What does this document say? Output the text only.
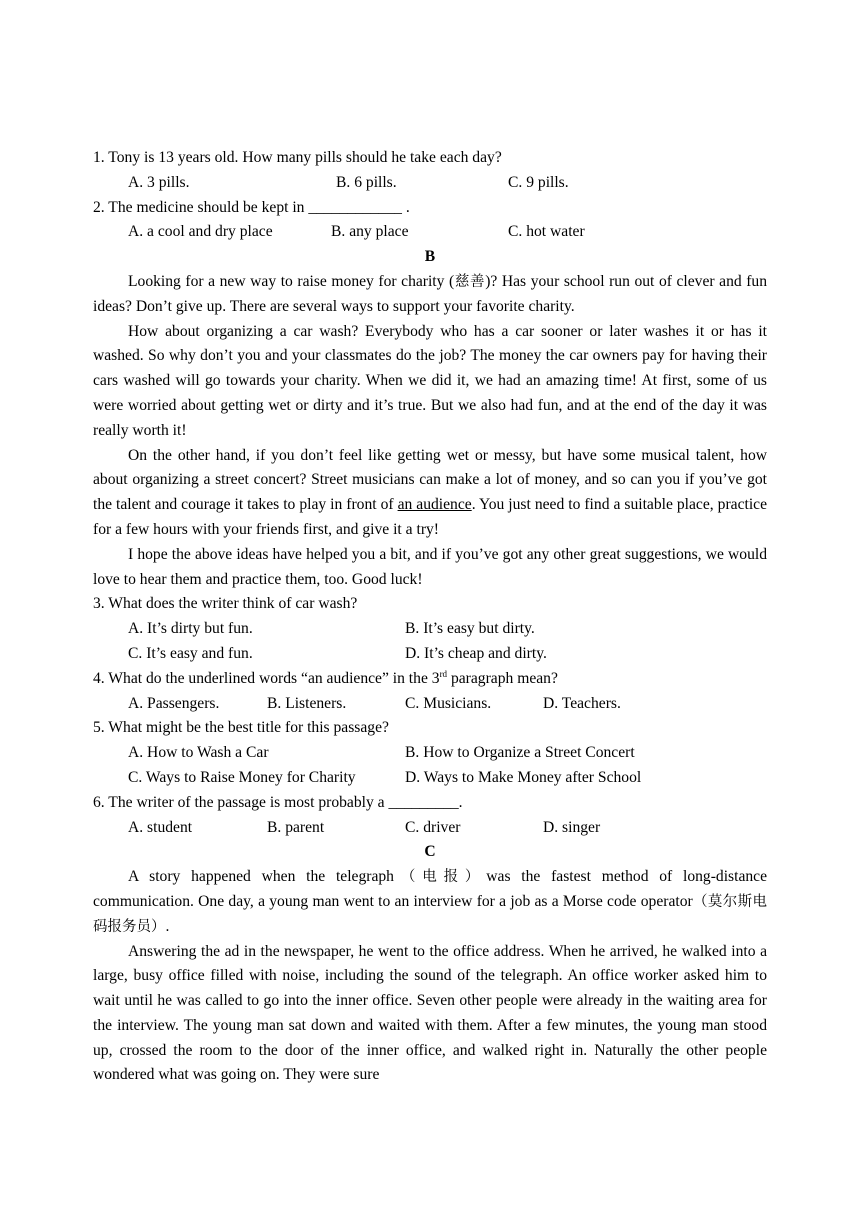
1. Tony is 13 years old. How many pills should he take each day?

A. 3 pills.	B. 6 pills.	C. 9 pills.

2. The medicine should be kept in ____________ .

A. a cool and dry place	B. any place	C. hot water

B

Looking for a new way to raise money for charity (慈善)? Has your school run out of clever and fun ideas? Don’t give up. There are several ways to support your favorite charity.

How about organizing a car wash? Everybody who has a car sooner or later washes it or has it washed. So why don’t you and your classmates do the job? The money the car owners pay for having their cars washed will go towards your charity. When we did it, we had an amazing time! At first, some of us were worried about getting wet or dirty and it’s true. But we also had fun, and at the end of the day it was really worth it!

On the other hand, if you don’t feel like getting wet or messy, but have some musical talent, how about organizing a street concert? Street musicians can make a lot of money, and so can you if you’ve got the talent and courage it takes to play in front of an audience. You just need to find a suitable place, practice for a few hours with your friends first, and give it a try!

I hope the above ideas have helped you a bit, and if you’ve got any other great suggestions, we would love to hear them and practice them, too. Good luck!

3. What does the writer think of car wash?

A. It’s dirty but fun.	B. It’s easy but dirty.
C. It’s easy and fun.	D. It’s cheap and dirty.

4. What do the underlined words “an audience” in the 3rd paragraph mean?

A. Passengers.	B. Listeners.	C. Musicians.	D. Teachers.

5. What might be the best title for this passage?

A. How to Wash a Car	B. How to Organize a Street Concert
C. Ways to Raise Money for Charity	D. Ways to Make Money after School

6. The writer of the passage is most probably a _________.

A. student	B. parent	C. driver	D. singer

C

A story happened when the telegraph（电报）was the fastest method of long-distance communication. One day, a young man went to an interview for a job as a Morse code operator（莫尔斯电码报务员）.

Answering the ad in the newspaper, he went to the office address. When he arrived, he walked into a large, busy office filled with noise, including the sound of the telegraph. An office worker asked him to wait until he was called to go into the inner office. Seven other people were already in the waiting area for the interview. The young man sat down and waited with them. After a few minutes, the young man stood up, crossed the room to the door of the inner office, and walked right in. Naturally the other people wondered what was going on. They were sure
